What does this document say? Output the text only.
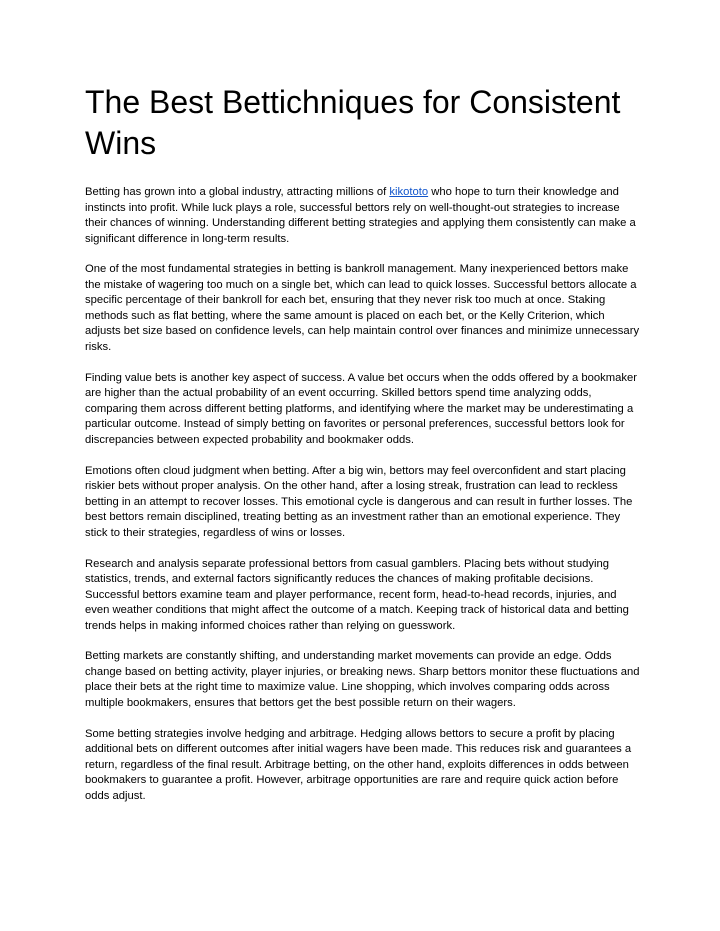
The Best Bettichniques for Consistent Wins

Betting has grown into a global industry, attracting millions of kikototo who hope to turn their knowledge and instincts into profit. While luck plays a role, successful bettors rely on well-thought-out strategies to increase their chances of winning. Understanding different betting strategies and applying them consistently can make a significant difference in long-term results.

One of the most fundamental strategies in betting is bankroll management. Many inexperienced bettors make the mistake of wagering too much on a single bet, which can lead to quick losses. Successful bettors allocate a specific percentage of their bankroll for each bet, ensuring that they never risk too much at once. Staking methods such as flat betting, where the same amount is placed on each bet, or the Kelly Criterion, which adjusts bet size based on confidence levels, can help maintain control over finances and minimize unnecessary risks.

Finding value bets is another key aspect of success. A value bet occurs when the odds offered by a bookmaker are higher than the actual probability of an event occurring. Skilled bettors spend time analyzing odds, comparing them across different betting platforms, and identifying where the market may be underestimating a particular outcome. Instead of simply betting on favorites or personal preferences, successful bettors look for discrepancies between expected probability and bookmaker odds.

Emotions often cloud judgment when betting. After a big win, bettors may feel overconfident and start placing riskier bets without proper analysis. On the other hand, after a losing streak, frustration can lead to reckless betting in an attempt to recover losses. This emotional cycle is dangerous and can result in further losses. The best bettors remain disciplined, treating betting as an investment rather than an emotional experience. They stick to their strategies, regardless of wins or losses.

Research and analysis separate professional bettors from casual gamblers. Placing bets without studying statistics, trends, and external factors significantly reduces the chances of making profitable decisions. Successful bettors examine team and player performance, recent form, head-to-head records, injuries, and even weather conditions that might affect the outcome of a match. Keeping track of historical data and betting trends helps in making informed choices rather than relying on guesswork.

Betting markets are constantly shifting, and understanding market movements can provide an edge. Odds change based on betting activity, player injuries, or breaking news. Sharp bettors monitor these fluctuations and place their bets at the right time to maximize value. Line shopping, which involves comparing odds across multiple bookmakers, ensures that bettors get the best possible return on their wagers.

Some betting strategies involve hedging and arbitrage. Hedging allows bettors to secure a profit by placing additional bets on different outcomes after initial wagers have been made. This reduces risk and guarantees a return, regardless of the final result. Arbitrage betting, on the other hand, exploits differences in odds between bookmakers to guarantee a profit. However, arbitrage opportunities are rare and require quick action before odds adjust.
